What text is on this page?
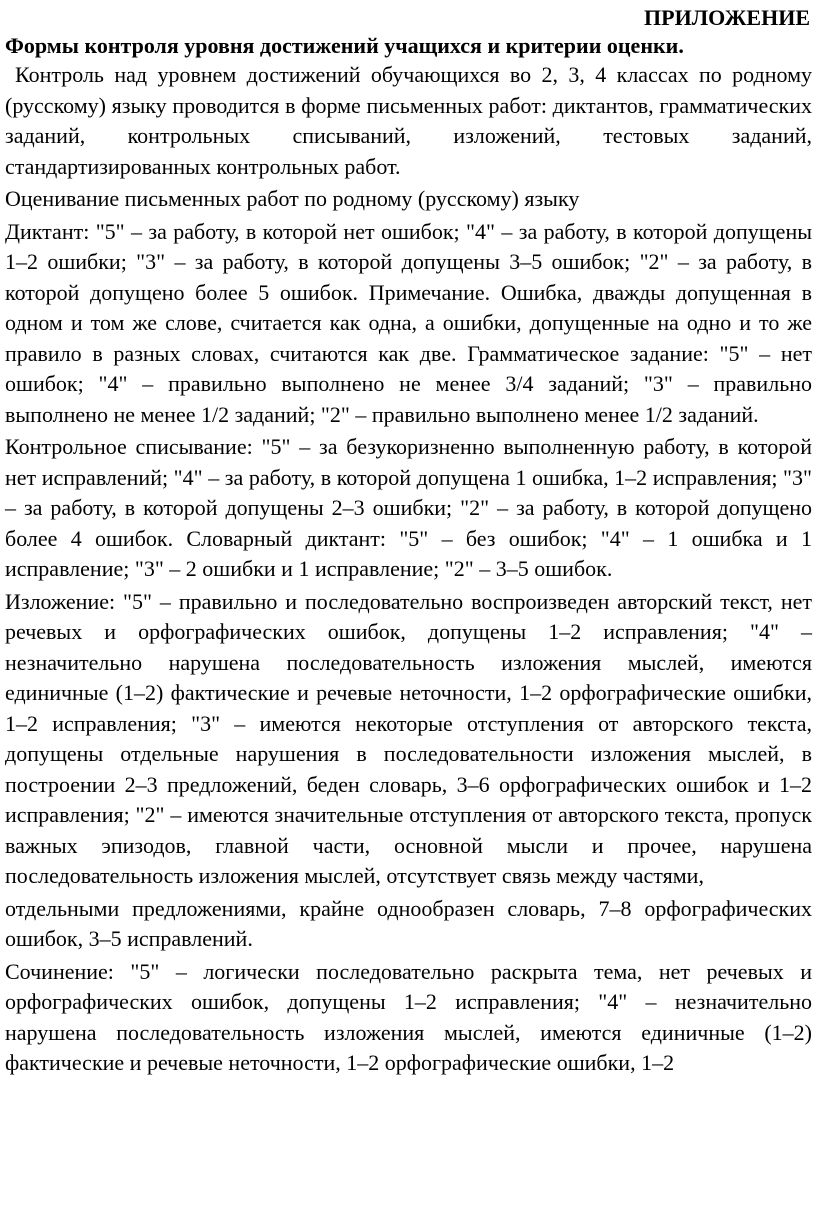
ПРИЛОЖЕНИЕ

Формы контроля уровня достижений учащихся и критерии оценки.

Контроль над уровнем достижений обучающихся во 2, 3, 4 классах по родному (русскому) языку проводится в форме письменных работ: диктантов, грамматических заданий, контрольных списываний, изложений, тестовых заданий, стандартизированных контрольных работ.

Оценивание письменных работ по родному (русскому) языку

Диктант: "5" – за работу, в которой нет ошибок; "4" – за работу, в которой допущены 1–2 ошибки; "3" – за работу, в которой допущены 3–5 ошибок; "2" – за работу, в которой допущено более 5 ошибок. Примечание. Ошибка, дважды допущенная в одном и том же слове, считается как одна, а ошибки, допущенные на одно и то же правило в разных словах, считаются как две. Грамматическое задание: "5" – нет ошибок; "4" – правильно выполнено не менее 3/4 заданий; "3" – правильно выполнено не менее 1/2 заданий; "2" – правильно выполнено менее 1/2 заданий.

Контрольное списывание: "5" – за безукоризненно выполненную работу, в которой нет исправлений; "4" – за работу, в которой допущена 1 ошибка, 1–2 исправления; "3" – за работу, в которой допущены 2–3 ошибки; "2" – за работу, в которой допущено более 4 ошибок. Словарный диктант: "5" – без ошибок; "4" – 1 ошибка и 1 исправление; "3" – 2 ошибки и 1 исправление; "2" – 3–5 ошибок.

Изложение: "5" – правильно и последовательно воспроизведен авторский текст, нет речевых и орфографических ошибок, допущены 1–2 исправления; "4" – незначительно нарушена последовательность изложения мыслей, имеются единичные (1–2) фактические и речевые неточности, 1–2 орфографические ошибки, 1–2 исправления; "3" – имеются некоторые отступления от авторского текста, допущены отдельные нарушения в последовательности изложения мыслей, в построении 2–3 предложений, беден словарь, 3–6 орфографических ошибок и 1–2 исправления; "2" – имеются значительные отступления от авторского текста, пропуск важных эпизодов, главной части, основной мысли и прочее, нарушена последовательность изложения мыслей, отсутствует связь между частями,

отдельными предложениями, крайне однообразен словарь, 7–8 орфографических ошибок, 3–5 исправлений.

Сочинение: "5" – логически последовательно раскрыта тема, нет речевых и орфографических ошибок, допущены 1–2 исправления; "4" – незначительно нарушена последовательность изложения мыслей, имеются единичные (1–2) фактические и речевые неточности, 1–2 орфографические ошибки, 1–2
